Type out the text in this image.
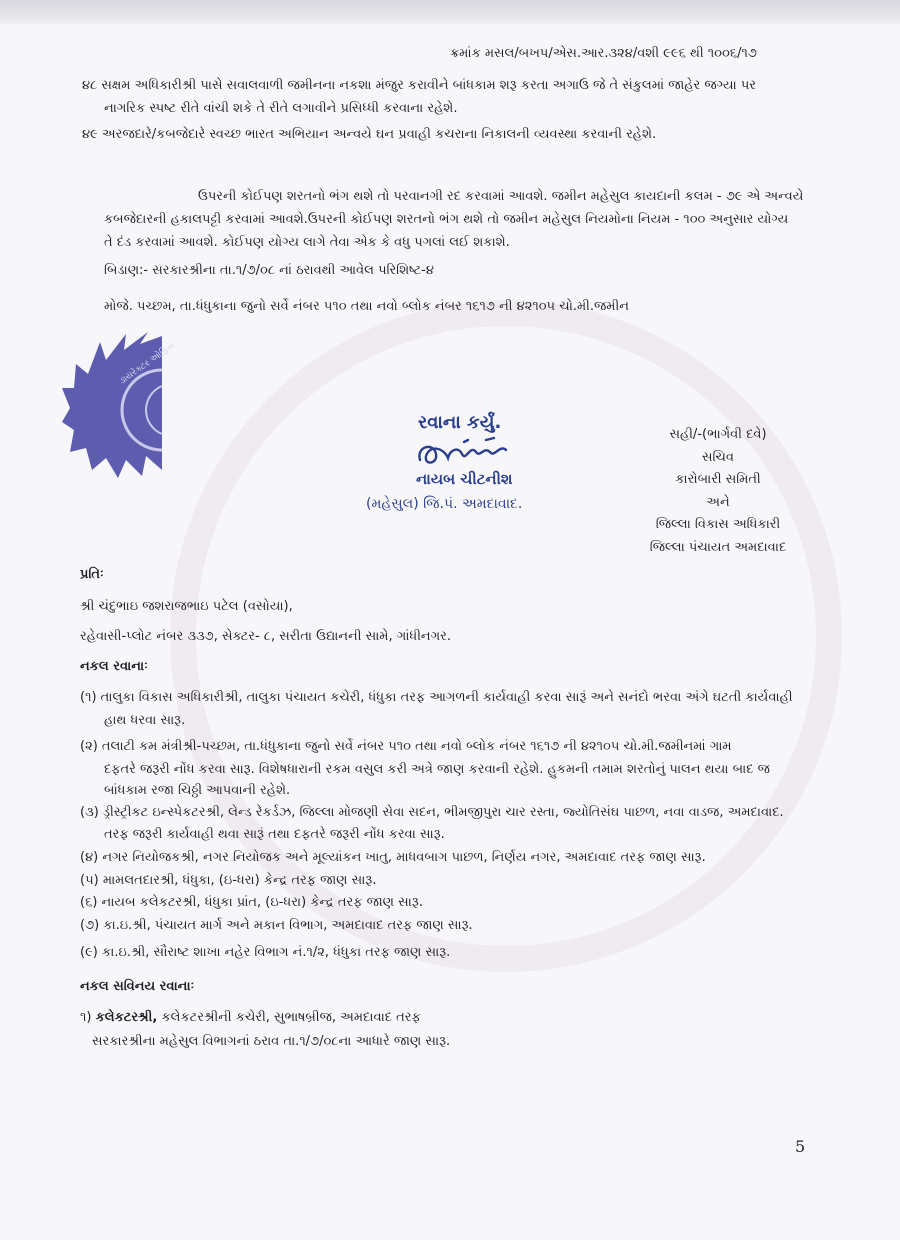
ક્રમાંક મસલ/બખપ/એસ.આર.૩૨૪/વશી ૯૯૬ થી ૧૦૦૬/૧૭
૪૮ સક્ષમ અધિકારીશ્રી પાસે સવાલવાળી જમીનના નકશા મંજુર કરાવીને બાંધકામ શરૂ કરતા અગાઉ જે તે સંકુલમાં જાહેર જગ્યા પર
નાગરિક સ્પષ્ટ રીતે વાંચી શકે તે રીતે લગાવીને પ્રસિધ્ધી કરવાના રહેશે.
૪૯ અરજદારે/કબજેદારે સ્વચ્છ ભારત અભિયાન અન્વયે ઘન પ્રવાહી કચરાના નિકાલની વ્યવસ્થા કરવાની રહેશે.
ઉપરની કોઈપણ શરતનો ભંગ થશે તો પરવાનગી રદ કરવામાં આવશે. જમીન મહેસુલ કાયદાની કલમ - ૭૯ એ અન્વયે
કબજેદારની હકાલપટ્ટી કરવામાં આવશે.ઉપરની કોઈપણ શરતનો ભંગ થશે તો જમીન મહેસુલ નિયમોના નિયમ - ૧૦૦ અનુસાર યોગ્ય
તે દંડ કરવામાં આવશે. કોઈપણ યોગ્ય લાગે તેવા એક કે વધુ પગલાં લઈ શકાશે.
બિડાણ:- સરકારશ્રીના તા.૧/૭/૦૮ નાં ઠરાવથી આવેલ પરિશિષ્ટ-૪
મોજે. પચ્છમ, તા.ધંધુકાના જુનો સર્વે નંબર ૫૧૦ તથા નવો બ્લોક નંબર ૧૬૧૭ ની ૪૨૧૦૫ ચો.મી.જમીન
ડાયરેક્ટર ઓફિસ
રવાના કર્યું.
નાયબ ચીટનીશ
(મહેસુલ) જિ.પં. અમદાવાદ.
સહી/-(ભાર્ગવી દવે)
સચિવ
કારોબારી સમિતી
અને
જિલ્લા વિકાસ અધિકારી
જિલ્લા પંચાયત અમદાવાદ
પ્રતિઃ
શ્રી ચંદુભાઇ જશરાજભાઇ પટેલ (વસોયા),
રહેવાસી-પ્લોટ નંબર ૩૩૭, સેક્ટર- ૮, સરીતા ઉદ્યાનની સામે, ગાંધીનગર.
નકલ રવાનાઃ
(૧) તાલુકા વિકાસ અધિકારીશ્રી, તાલુકા પંચાયત કચેરી, ધંધુકા તરફ આગળની કાર્યવાહી કરવા સારૂં અને સનંદો ભરવા અંગે ઘટતી કાર્યવાહી
હાથ ધરવા સારૂ.
(૨) તલાટી કમ મંત્રીશ્રી-પચ્છમ, તા.ધંધુકાના જુનો સર્વે નંબર ૫૧૦ તથા નવો બ્લોક નંબર ૧૬૧૭ ની ૪૨૧૦૫ ચો.મી.જમીનમાં ગામ
દફતરે જરૂરી નોંધ કરવા સારૂ. વિશેષધારાની રકમ વસુલ કરી અત્રે જાણ કરવાની રહેશે. હુકમની તમામ શરતોનું પાલન થયા બાદ જ
બાંધકામ રજા ચિઠ્ઠી આપવાની રહેશે.
(૩) ડ્રીસ્ટ્રીકટ ઇન્સ્પેકટરશ્રી, લેન્ડ રેકર્ડઝ, જિલ્લા મોજણી સેવા સદન, ભીમજીપુરા ચાર રસ્તા, જ્યોતિસંઘ પાછળ, નવા વાડજ, અમદાવાદ.
તરફ જરૂરી કાર્યવાહી થવા સારૂં તથા દફતરે જરૂરી નોંધ કરવા સારૂ.
(૪) નગર નિયોજકશ્રી, નગર નિયોજક અને મૂલ્યાંકન ખાતુ, માધવબાગ પાછળ, નિર્ણય નગર, અમદાવાદ તરફ જાણ સારૂ.
(૫) મામલતદારશ્રી, ધંધુકા, (ઇ-ધરા) કેન્દ્ર તરફ જાણ સારૂ.
(૬) નાયબ કલેકટરશ્રી, ધંધુકા પ્રાંત, (ઇ-ધરા) કેન્દ્ર તરફ જાણ સારૂ.
(૭) કા.ઇ.શ્રી, પંચાયત માર્ગ અને મકાન વિભાગ, અમદાવાદ તરફ જાણ સારૂ.
(૯) કા.ઇ.શ્રી, સૌરાષ્ટ શાખા નહેર વિભાગ નં.૧/૨, ધંધુકા તરફ જાણ સારૂ.
નકલ સવિનય રવાનાઃ
૧) કલેકટરશ્રી, કલેકટરશ્રીની કચેરી, સુભાષબ્રીજ, અમદાવાદ તરફ
સરકારશ્રીના મહેસુલ વિભાગનાં ઠરાવ તા.૧/૭/૦૮ના આધારે જાણ સારૂ.
5
